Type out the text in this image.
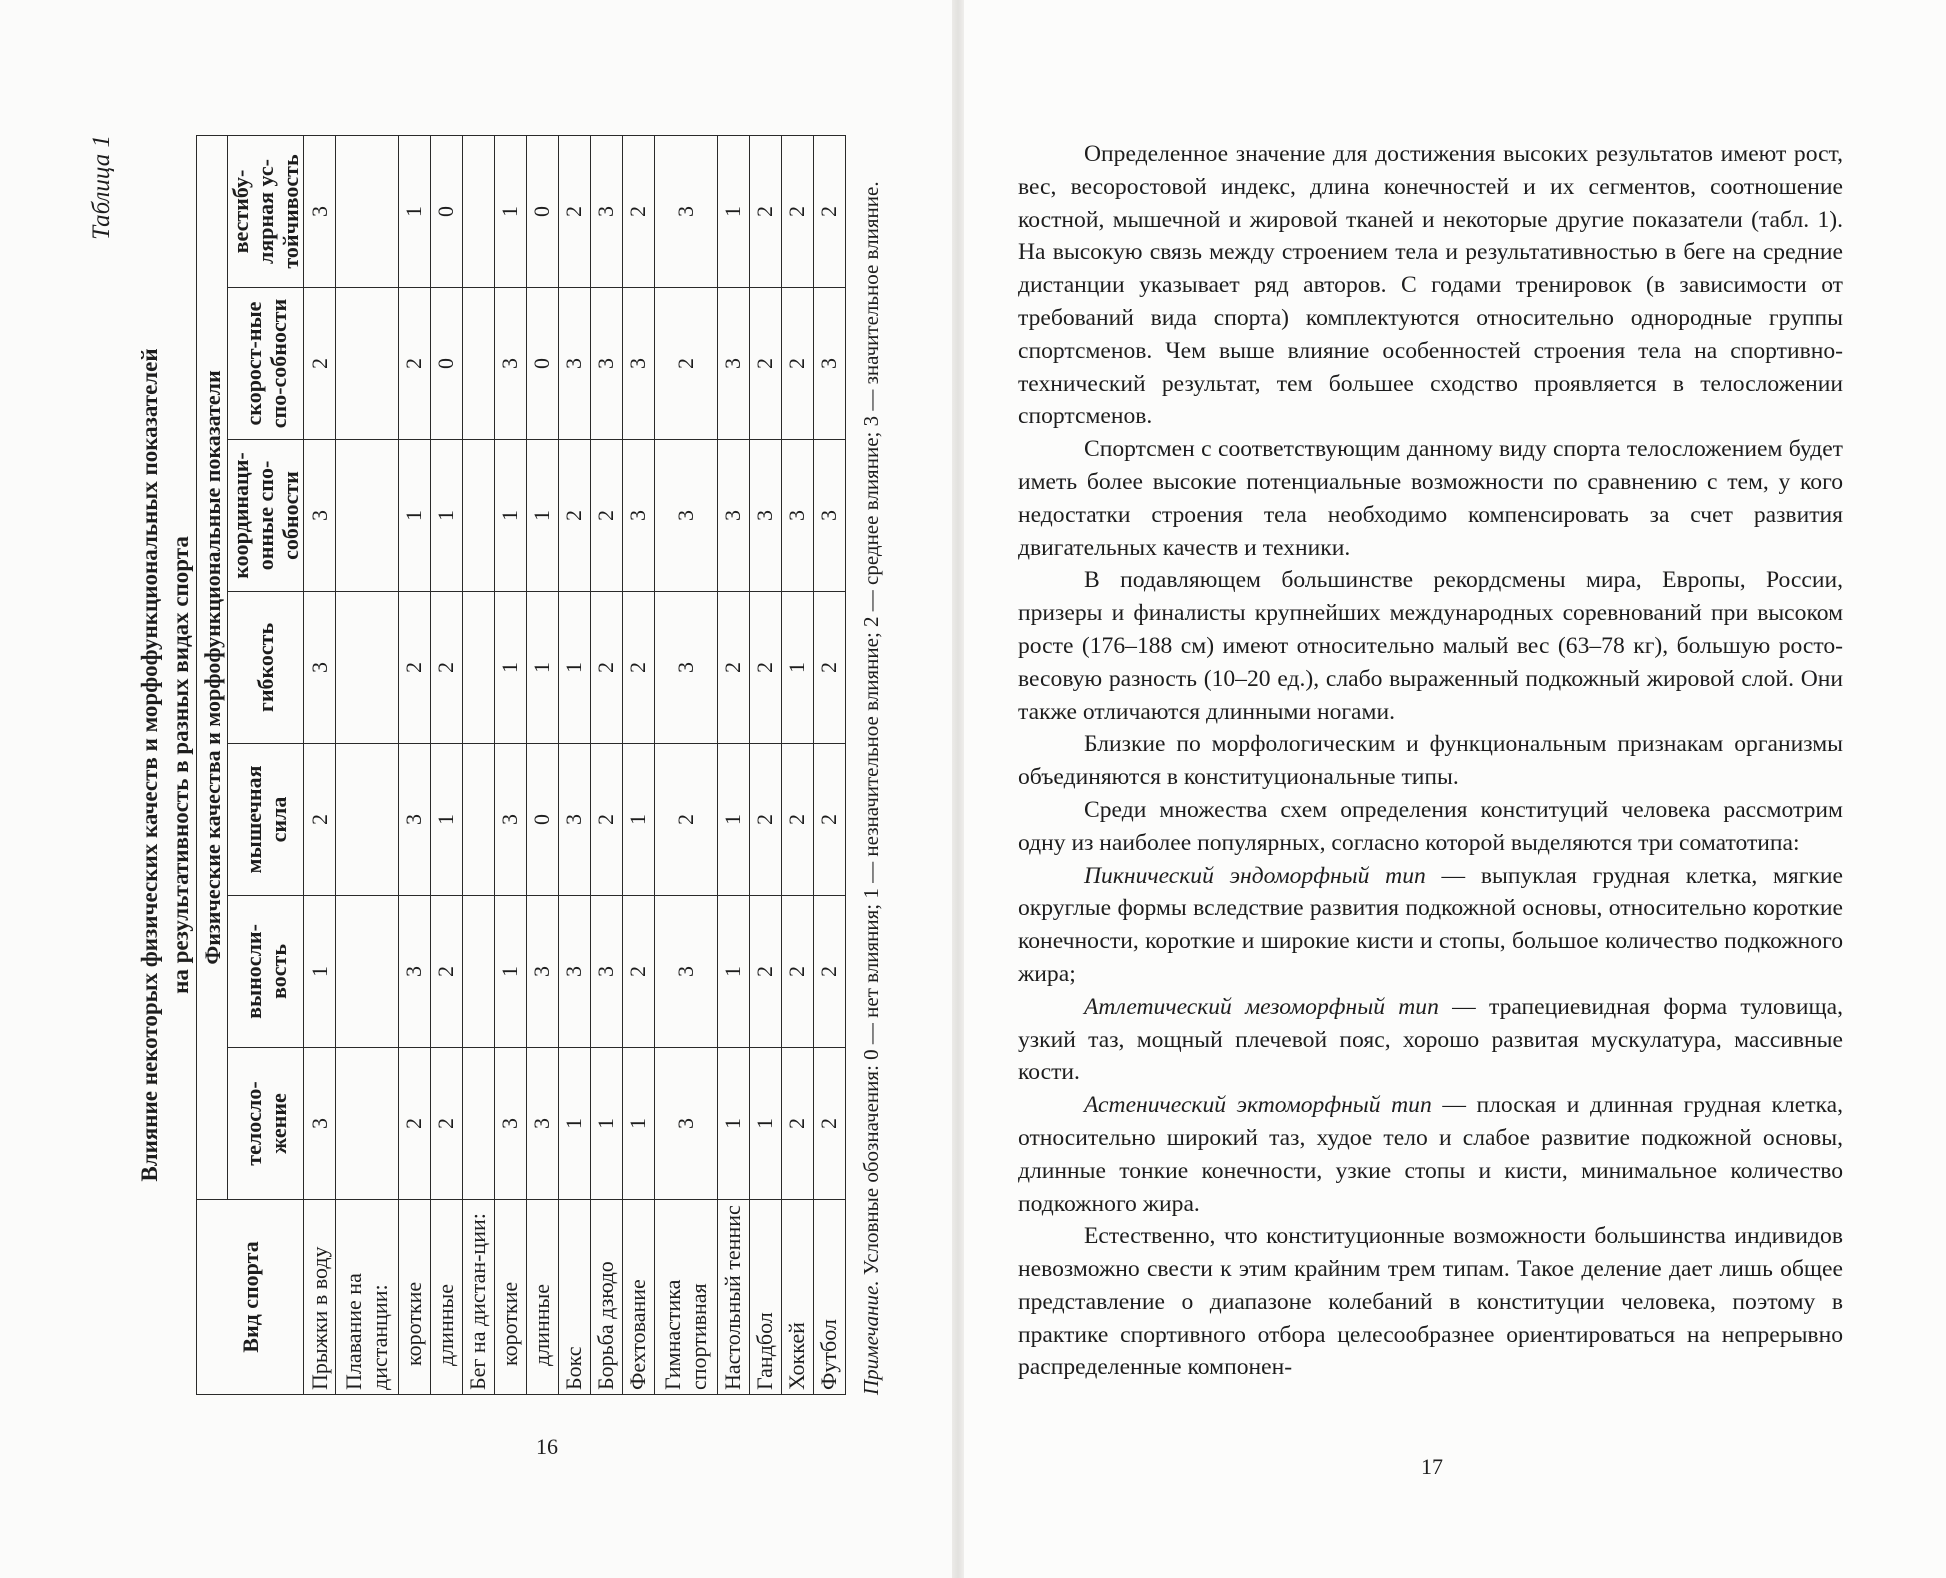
Таблица 1
Влияние некоторых физических качеств и морфофункциональных показателей на результативность в разных видах спорта
Вид спорта	Физические качества и морфофункциональные показатели						
	телосло-жение	выносли-вость	мышечная сила	гибкость	координаци-онные спо-собности	скорост-ные спо-собности	вестибу-лярная ус-тойчивость
Прыжки в воду	3	1	2	3	3	2	3
Плавание на дистанции:							
короткие	2	3	3	2	1	2	1
длинные	2	2	1	2	1	0	0
Бег на дистан-ции:							
короткие	3	1	3	1	1	3	1
длинные	3	3	0	1	1	0	0
Бокс	1	3	3	1	2	3	2
Борьба дзюдо	1	3	2	2	2	3	3
Фехтование	1	2	1	2	3	3	2
Гимнастика спортивная	3	3	2	3	3	2	3
Настольный теннис	1	1	1	2	3	3	1
Гандбол	1	2	2	2	3	2	2
Хоккей	2	2	2	1	3	2	2
Футбол	2	2	2	2	3	3	2
Примечание. Условные обозначения: 0 — нет влияния; 1 — незначительное влияние; 2 — среднее влияние; 3 — значительное влияние.
16
17

Определенное значение для достижения высоких результатов имеют рост, вес, весоростовой индекс, длина конечностей и их сегментов, соотношение костной, мышечной и жировой тканей и некоторые другие показатели (табл. 1). На высокую связь между строением тела и результативностью в беге на средние дистанции указывает ряд авторов. С годами тренировок (в зависимости от требований вида спорта) комплектуются относительно однородные группы спортсменов. Чем выше влияние особенностей строения тела на спортивно-технический результат, тем большее сходство проявляется в телосложении спортсменов.

Спортсмен с соответствующим данному виду спорта телосложением будет иметь более высокие потенциальные возможности по сравнению с тем, у кого недостатки строения тела необходимо компенсировать за счет развития двигательных качеств и техники.

В подавляющем большинстве рекордсмены мира, Европы, России, призеры и финалисты крупнейших международных соревнований при высоком росте (176–188 см) имеют относительно малый вес (63–78 кг), большую росто-весовую разность (10–20 ед.), слабо выраженный подкожный жировой слой. Они также отличаются длинными ногами.

Близкие по морфологическим и функциональным признакам организмы объединяются в конституциональные типы.

Среди множества схем определения конституций человека рассмотрим одну из наиболее популярных, согласно которой выделяются три соматотипа:

Пикнический эндоморфный тип — выпуклая грудная клетка, мягкие округлые формы вследствие развития подкожной основы, относительно короткие конечности, короткие и широкие кисти и стопы, большое количество подкожного жира;

Атлетический мезоморфный тип — трапециевидная форма туловища, узкий таз, мощный плечевой пояс, хорошо развитая мускулатура, массивные кости.

Астенический эктоморфный тип — плоская и длинная грудная клетка, относительно широкий таз, худое тело и слабое развитие подкожной основы, длинные тонкие конечности, узкие стопы и кисти, минимальное количество подкожного жира.

Естественно, что конституционные возможности большинства индивидов невозможно свести к этим крайним трем типам. Такое деление дает лишь общее представление о диапазоне колебаний в конституции человека, поэтому в практике спортивного отбора целесообразнее ориентироваться на непрерывно распределенные компонен-
